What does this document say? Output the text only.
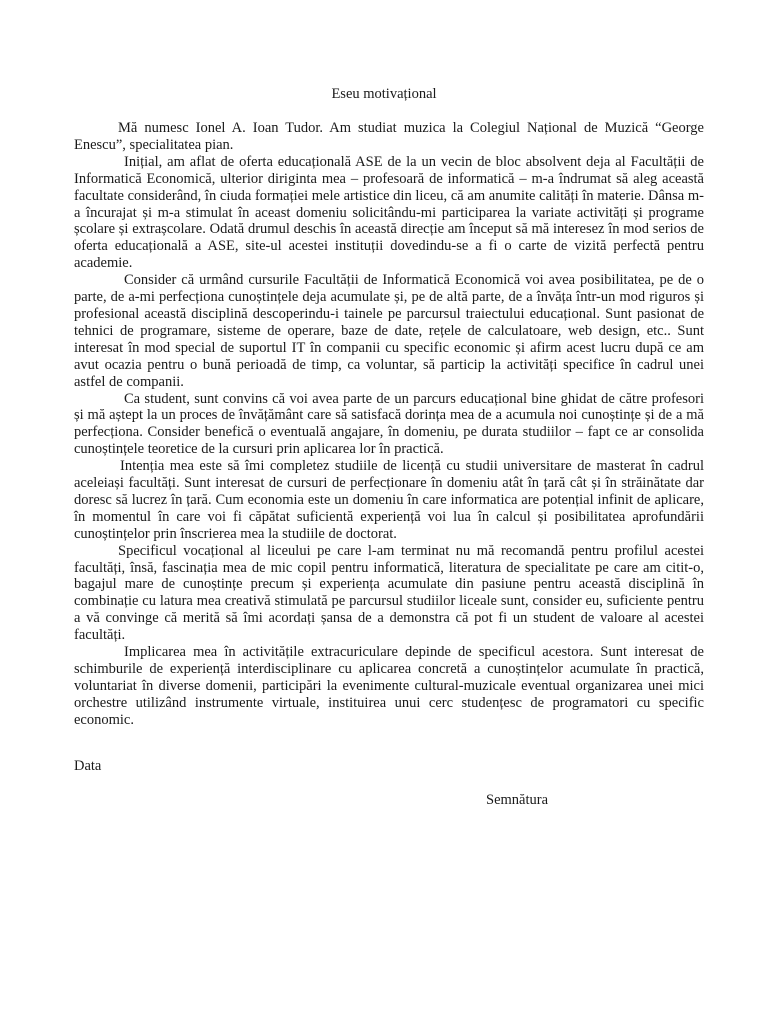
Eseu motivațional

Mă numesc Ionel A. Ioan Tudor. Am studiat muzica la Colegiul Național de Muzică “George Enescu”, specialitatea pian.

Inițial, am aflat de oferta educațională ASE de la un vecin de bloc absolvent deja al Facultății de Informatică Economică, ulterior diriginta mea – profesoară de informatică – m-a îndrumat să aleg această facultate considerând, în ciuda formației mele artistice din liceu, că am anumite calități în materie. Dânsa m-a încurajat și m-a stimulat în aceast domeniu solicitându-mi participarea la variate activități și programe școlare și extrașcolare. Odată drumul deschis în această direcție am început să mă interesez în mod serios de oferta educațională a ASE, site-ul acestei instituții dovedindu-se a fi o carte de vizită perfectă pentru academie.

Consider că urmând cursurile Facultății de Informatică Economică voi avea posibilitatea, pe de o parte, de a-mi perfecționa cunoștințele deja acumulate și, pe de altă parte, de a învăța într-un mod riguros și profesional această disciplină descoperindu-i tainele pe parcursul traiectului educațional. Sunt pasionat de tehnici de programare, sisteme de operare, baze de date, rețele de calculatoare, web design, etc.. Sunt interesat în mod special de suportul IT în companii cu specific economic și afirm acest lucru după ce am avut ocazia pentru o bună perioadă de timp, ca voluntar, să particip la activități specifice în cadrul unei astfel de companii.

Ca student, sunt convins că voi avea parte de un parcurs educațional bine ghidat de către profesori și mă aștept la un proces de învățământ care să satisfacă dorința mea de a acumula noi cunoștințe și de a mă perfecționa. Consider benefică o eventuală angajare, în domeniu, pe durata studiilor – fapt ce ar consolida cunoștințele teoretice de la cursuri prin aplicarea lor în practică.

Intenția mea este să îmi completez studiile de licență cu studii universitare de masterat în cadrul aceleiași facultăți. Sunt interesat de cursuri de perfecționare în domeniu atât în țară cât și în străinătate dar doresc să lucrez în țară. Cum economia este un domeniu în care informatica are potențial infinit de aplicare, în momentul în care voi fi căpătat suficientă experiență voi lua în calcul și posibilitatea aprofundării cunoștințelor prin înscrierea mea la studiile de doctorat.

Specificul vocațional al liceului pe care l-am terminat nu mă recomandă pentru profilul acestei facultăți, însă, fascinația mea de mic copil pentru informatică, literatura de specialitate pe care am citit-o, bagajul mare de cunoștințe precum și experiența acumulate din pasiune pentru această disciplină în combinație cu latura mea creativă stimulată pe parcursul studiilor liceale sunt, consider eu, suficiente pentru a vă convinge că merită să îmi acordați șansa de a demonstra că pot fi un student de valoare al acestei facultăți.

Implicarea mea în activitățile extracuriculare depinde de specificul acestora. Sunt interesat de schimburile de experiență interdisciplinare cu aplicarea concretă a cunoștințelor acumulate în practică, voluntariat în diverse domenii, participări la evenimente cultural-muzicale eventual organizarea unei mici orchestre utilizând instrumente virtuale, instituirea unui cerc studențesc de programatori cu specific economic.

Data

Semnătura
